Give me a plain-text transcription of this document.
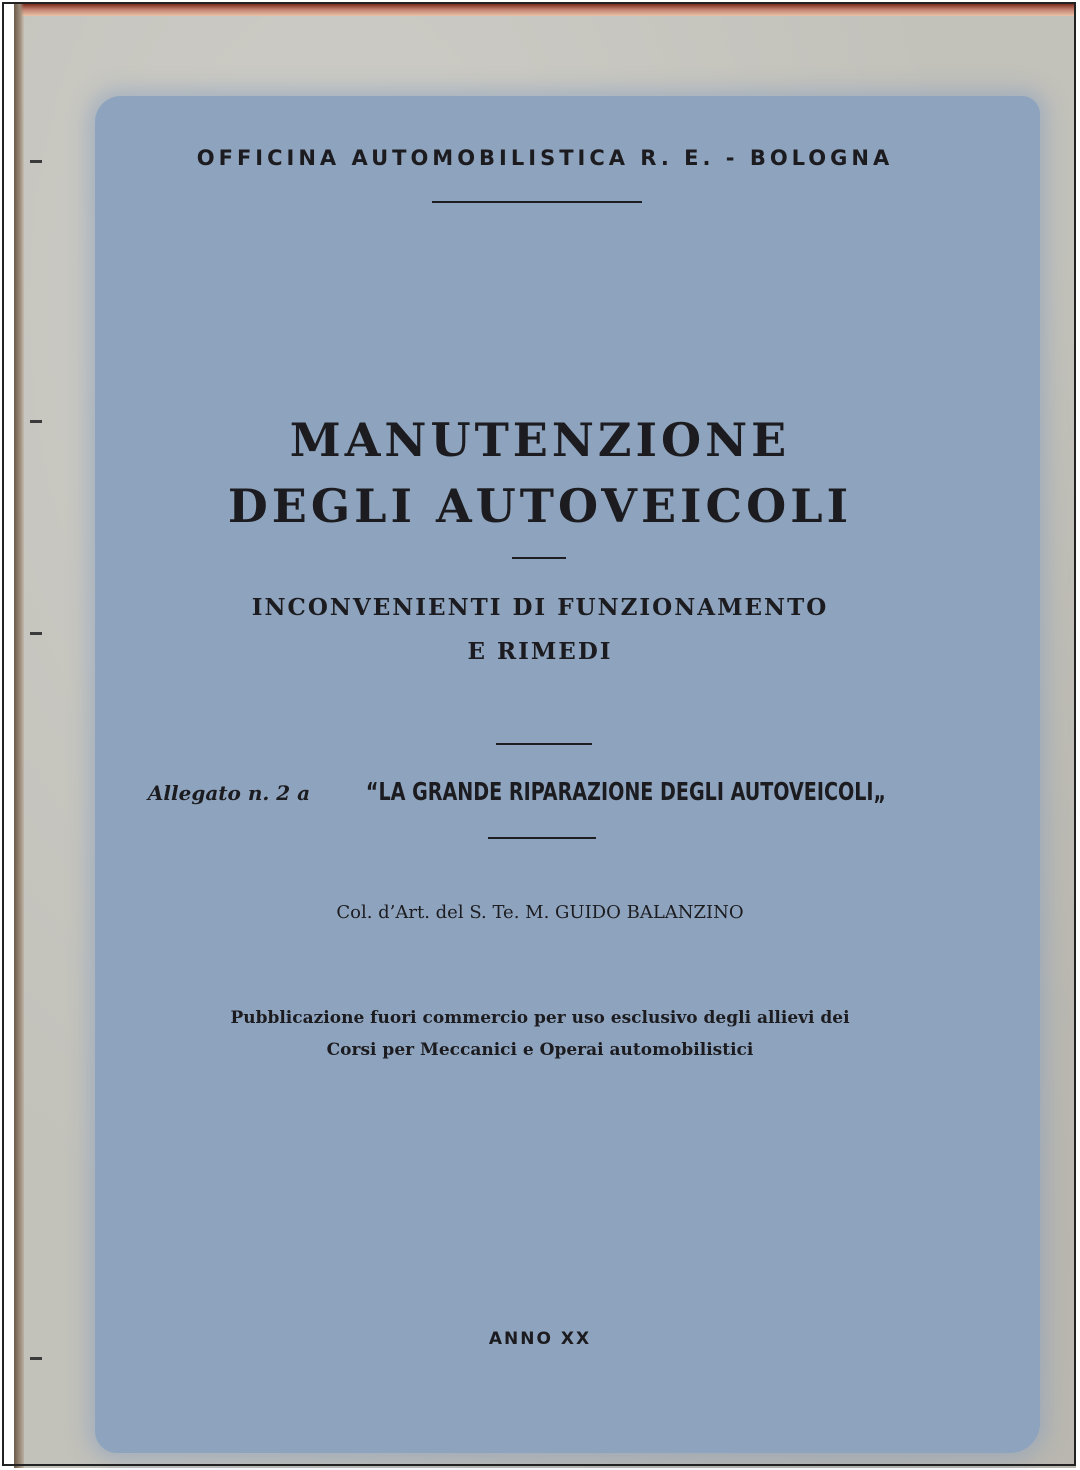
OFFICINA AUTOMOBILISTICA R. E. - BOLOGNA
MANUTENZIONE
DEGLI AUTOVEICOLI
INCONVENIENTI DI FUNZIONAMENTO
E RIMEDI
Allegato n. 2 a “LA GRANDE RIPARAZIONE DEGLI AUTOVEICOLI„
Col. d’Art. del S. Te. M. GUIDO BALANZINO
Pubblicazione fuori commercio per uso esclusivo degli allievi dei
Corsi per Meccanici e Operai automobilistici
ANNO XX
